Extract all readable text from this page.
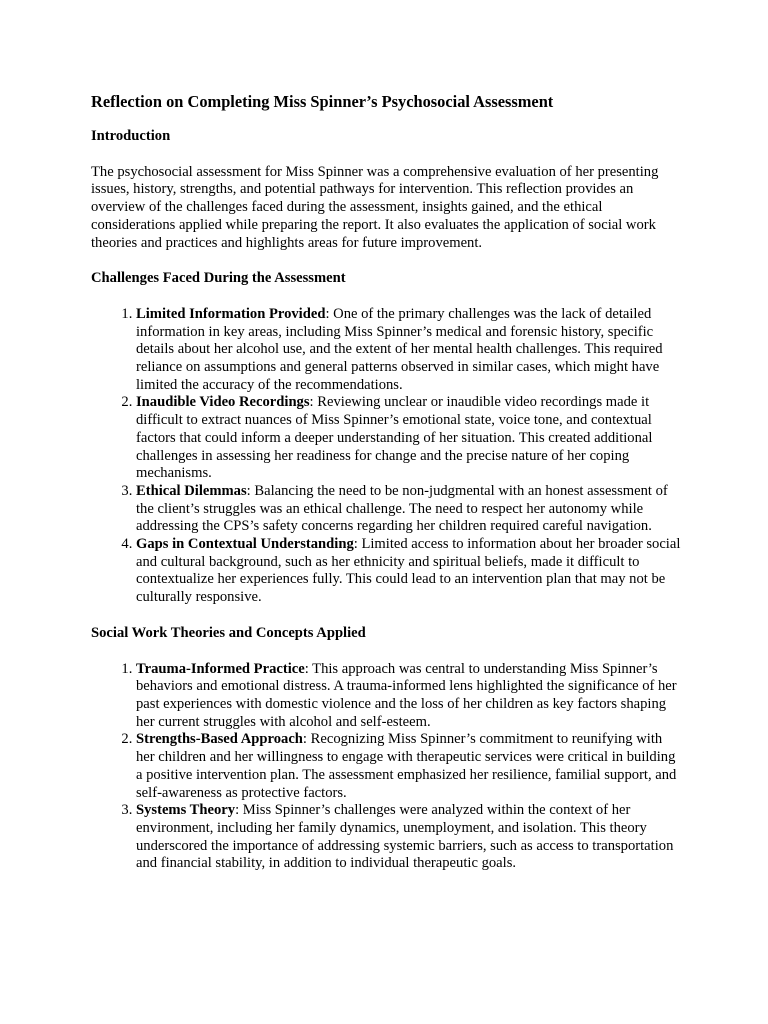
Reflection on Completing Miss Spinner’s Psychosocial Assessment
Introduction

The psychosocial assessment for Miss Spinner was a comprehensive evaluation of her presenting issues, history, strengths, and potential pathways for intervention. This reflection provides an overview of the challenges faced during the assessment, insights gained, and the ethical considerations applied while preparing the report. It also evaluates the application of social work theories and practices and highlights areas for future improvement.

Challenges Faced During the Assessment
1. Limited Information Provided: One of the primary challenges was the lack of detailed information in key areas, including Miss Spinner’s medical and forensic history, specific details about her alcohol use, and the extent of her mental health challenges. This required reliance on assumptions and general patterns observed in similar cases, which might have limited the accuracy of the recommendations.
2. Inaudible Video Recordings: Reviewing unclear or inaudible video recordings made it difficult to extract nuances of Miss Spinner’s emotional state, voice tone, and contextual factors that could inform a deeper understanding of her situation. This created additional challenges in assessing her readiness for change and the precise nature of her coping mechanisms.
3. Ethical Dilemmas: Balancing the need to be non-judgmental with an honest assessment of the client’s struggles was an ethical challenge. The need to respect her autonomy while addressing the CPS’s safety concerns regarding her children required careful navigation.
4. Gaps in Contextual Understanding: Limited access to information about her broader social and cultural background, such as her ethnicity and spiritual beliefs, made it difficult to contextualize her experiences fully. This could lead to an intervention plan that may not be culturally responsive.
Social Work Theories and Concepts Applied
1. Trauma-Informed Practice: This approach was central to understanding Miss Spinner’s behaviors and emotional distress. A trauma-informed lens highlighted the significance of her past experiences with domestic violence and the loss of her children as key factors shaping her current struggles with alcohol and self-esteem.
2. Strengths-Based Approach: Recognizing Miss Spinner’s commitment to reunifying with her children and her willingness to engage with therapeutic services were critical in building a positive intervention plan. The assessment emphasized her resilience, familial support, and self-awareness as protective factors.
3. Systems Theory: Miss Spinner’s challenges were analyzed within the context of her environment, including her family dynamics, unemployment, and isolation. This theory underscored the importance of addressing systemic barriers, such as access to transportation and financial stability, in addition to individual therapeutic goals.
